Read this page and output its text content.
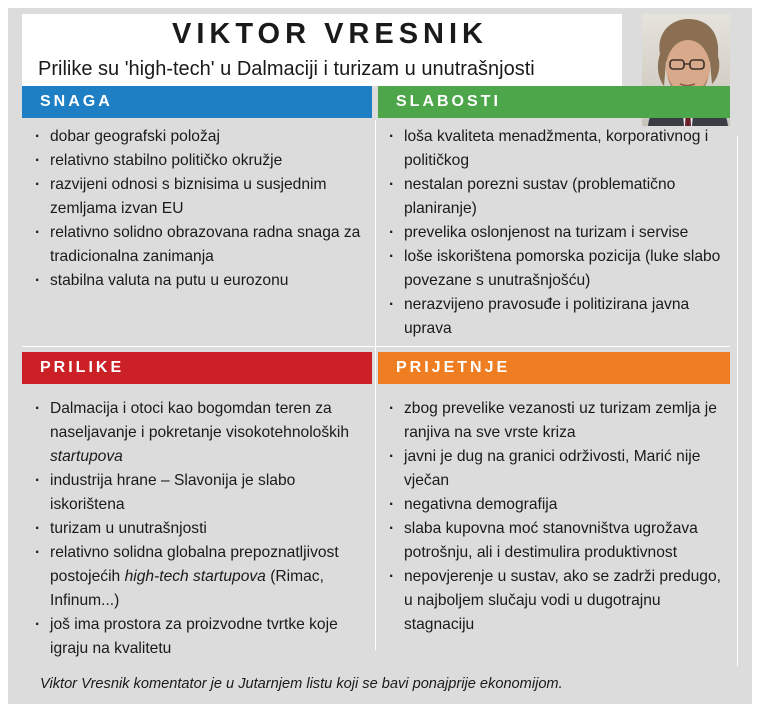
VIKTOR VRESNIK
Prilike su 'high-tech' u Dalmaciji i turizam u unutrašnjosti
SNAGA	SLABOSTI
PRILIKE	PRIJETNJE
· dobar geografski položaj
· relativno stabilno političko okružje
· razvijeni odnosi s biznisima u susjednim zemljama izvan EU
· relativno solidno obrazovana radna snaga za tradicionalna zanimanja
· stabilna valuta na putu u eurozonu
· loša kvaliteta menadžmenta, korporativnog i političkog
· nestalan porezni sustav (problematično planiranje)
· prevelika oslonjenost na turizam i servise
· loše iskorištena pomorska pozicija (luke slabo povezane s unutrašnjošću)
· nerazvijeno pravosuđe i politizirana javna uprava
· Dalmacija i otoci kao bogomdan teren za naseljavanje i pokretanje visokotehnoloških startupova
· industrija hrane – Slavonija je slabo iskorištena
· turizam u unutrašnjosti
· relativno solidna globalna prepoznatljivost postojećih high-tech startupova (Rimac, Infinum...)
· još ima prostora za proizvodne tvrtke koje igraju na kvalitetu
· zbog prevelike vezanosti uz turizam zemlja je ranjiva na sve vrste kriza
· javni je dug na granici održivosti, Marić nije vječan
· negativna demografija
· slaba kupovna moć stanovništva ugrožava potrošnju, ali i destimulira produktivnost
· nepovjerenje u sustav, ako se zadrži predugo, u najboljem slučaju vodi u dugotrajnu stagnaciju
Viktor Vresnik komentator je u Jutarnjem listu koji se bavi ponajprije ekonomijom.
